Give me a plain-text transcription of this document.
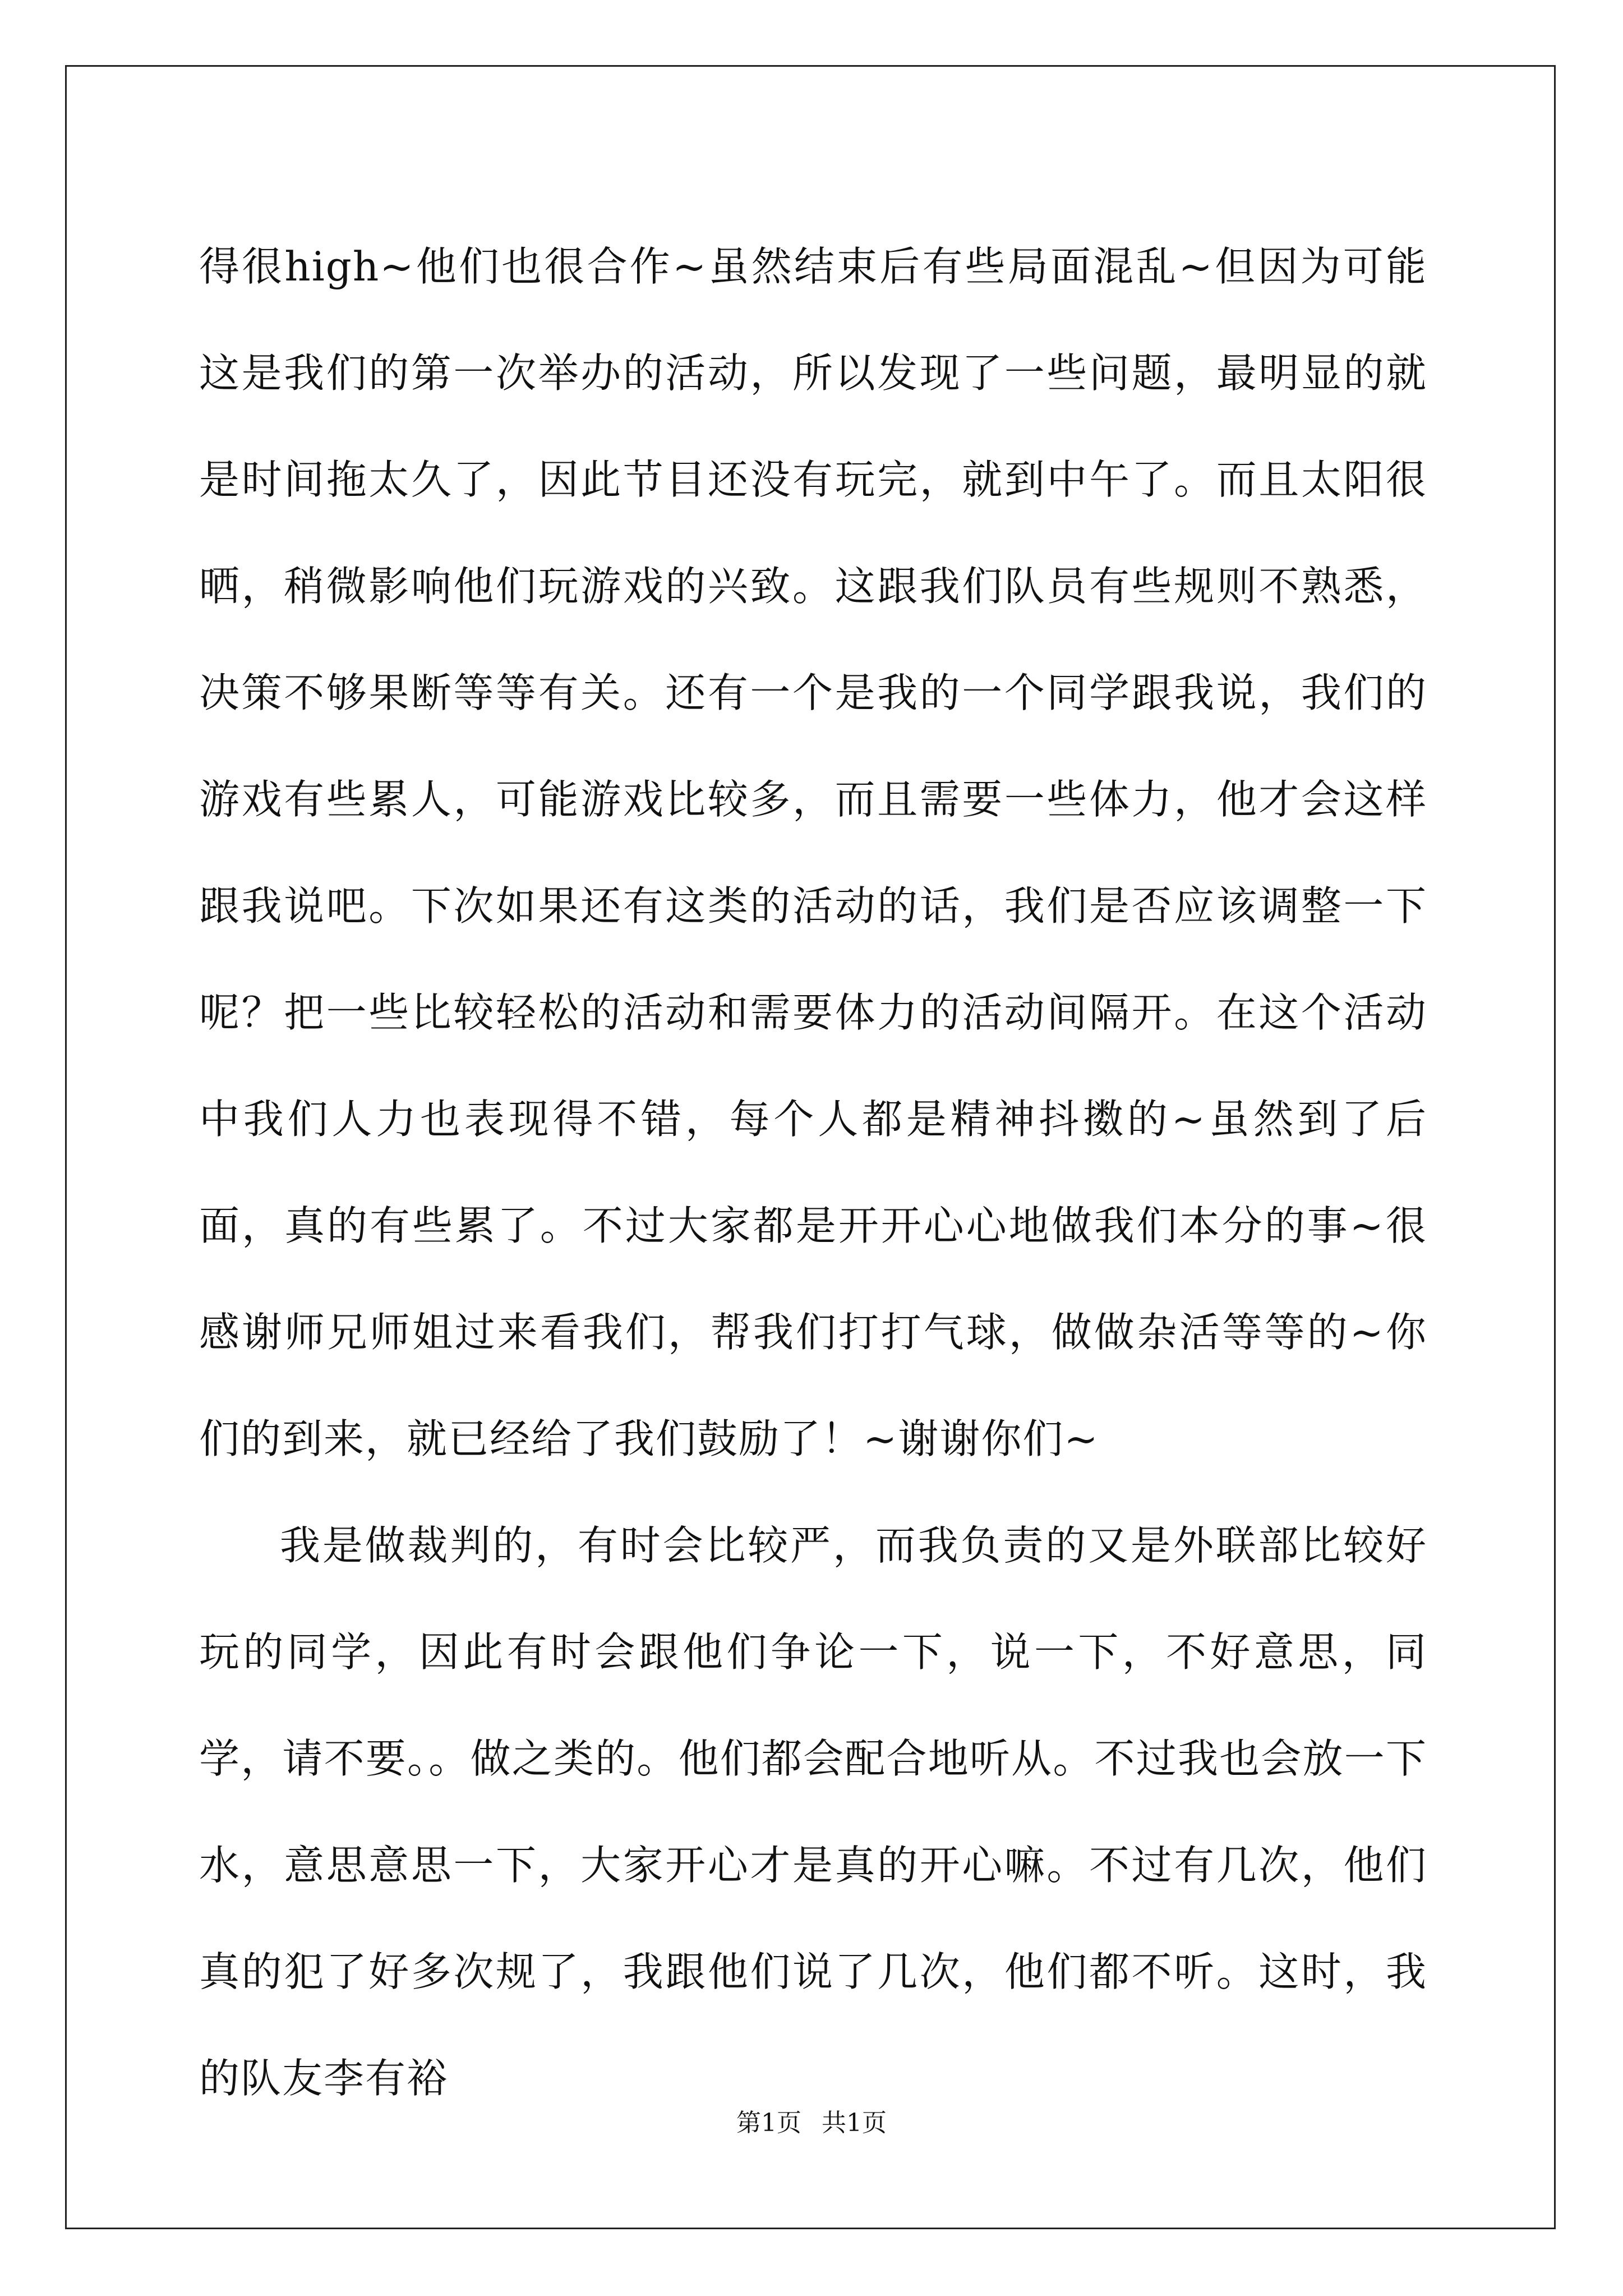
得很high~他们也很合作~虽然结束后有些局面混乱~但因为可能这是我们的第一次举办的活动，所以发现了一些问题，最明显的就是时间拖太久了，因此节目还没有玩完，就到中午了。而且太阳很晒，稍微影响他们玩游戏的兴致。这跟我们队员有些规则不熟悉，决策不够果断等等有关。还有一个是我的一个同学跟我说，我们的游戏有些累人，可能游戏比较多，而且需要一些体力，他才会这样跟我说吧。下次如果还有这类的活动的话，我们是否应该调整一下呢？把一些比较轻松的活动和需要体力的活动间隔开。在这个活动中我们人力也表现得不错，每个人都是精神抖擞的~虽然到了后面，真的有些累了。不过大家都是开开心心地做我们本分的事~很感谢师兄师姐过来看我们，帮我们打打气球，做做杂活等等的~你们的到来，就已经给了我们鼓励了！~谢谢你们~

我是做裁判的，有时会比较严，而我负责的又是外联部比较好玩的同学，因此有时会跟他们争论一下，说一下，不好意思，同学，请不要。。做之类的。他们都会配合地听从。不过我也会放一下水，意思意思一下，大家开心才是真的开心嘛。不过有几次，他们真的犯了好多次规了，我跟他们说了几次，他们都不听。这时，我的队友李有裕

第1页 共1页
